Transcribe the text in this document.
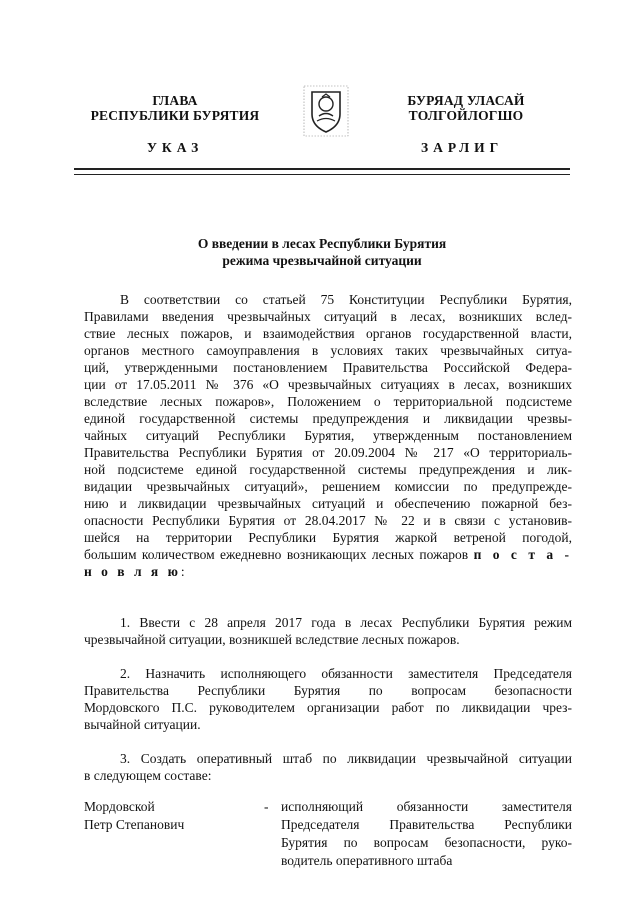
ГЛАВА
РЕСПУБЛИКИ БУРЯТИЯ
БУРЯАД УЛАСАЙ
ТОЛГОЙЛОГШО
УКАЗ	ЗАРЛИГ
О введении в лесах Республики Бурятия
режима чрезвычайной ситуации
В соответствии со статьей 75 Конституции Республики Бурятия,
Правилами введения чрезвычайных ситуаций в лесах, возникших вслед-
ствие лесных пожаров, и взаимодействия органов государственной власти,
органов местного самоуправления в условиях таких чрезвычайных ситуа-
ций, утвержденными постановлением Правительства Российской Федера-
ции от 17.05.2011 № 376 «О чрезвычайных ситуациях в лесах, возникших
вследствие лесных пожаров», Положением о территориальной подсистеме
единой государственной системы предупреждения и ликвидации чрезвы-
чайных ситуаций Республики Бурятия, утвержденным постановлением
Правительства Республики Бурятия от 20.09.2004 № 217 «О территориаль-
ной подсистеме единой государственной системы предупреждения и лик-
видации чрезвычайных ситуаций», решением комиссии по предупрежде-
нию и ликвидации чрезвычайных ситуаций и обеспечению пожарной без-
опасности Республики Бурятия от 28.04.2017 № 22 и в связи с установив-
шейся на территории Республики Бурятия жаркой ветреной погодой,
большим количеством ежедневно возникающих лесных пожаров п о с т а -
н о в л я ю:
1. Ввести с 28 апреля 2017 года в лесах Республики Бурятия режим
чрезвычайной ситуации, возникшей вследствие лесных пожаров.
2. Назначить исполняющего обязанности заместителя Председателя
Правительства Республики Бурятия по вопросам безопасности
Мордовского П.С. руководителем организации работ по ликвидации чрез-
вычайной ситуации.
3. Создать оперативный штаб по ликвидации чрезвычайной ситуации
в следующем составе:
Мордовской
Петр Степанович
- исполняющий обязанности заместителя
Председателя Правительства Республики
Бурятия по вопросам безопасности, руко-
водитель оперативного штаба
